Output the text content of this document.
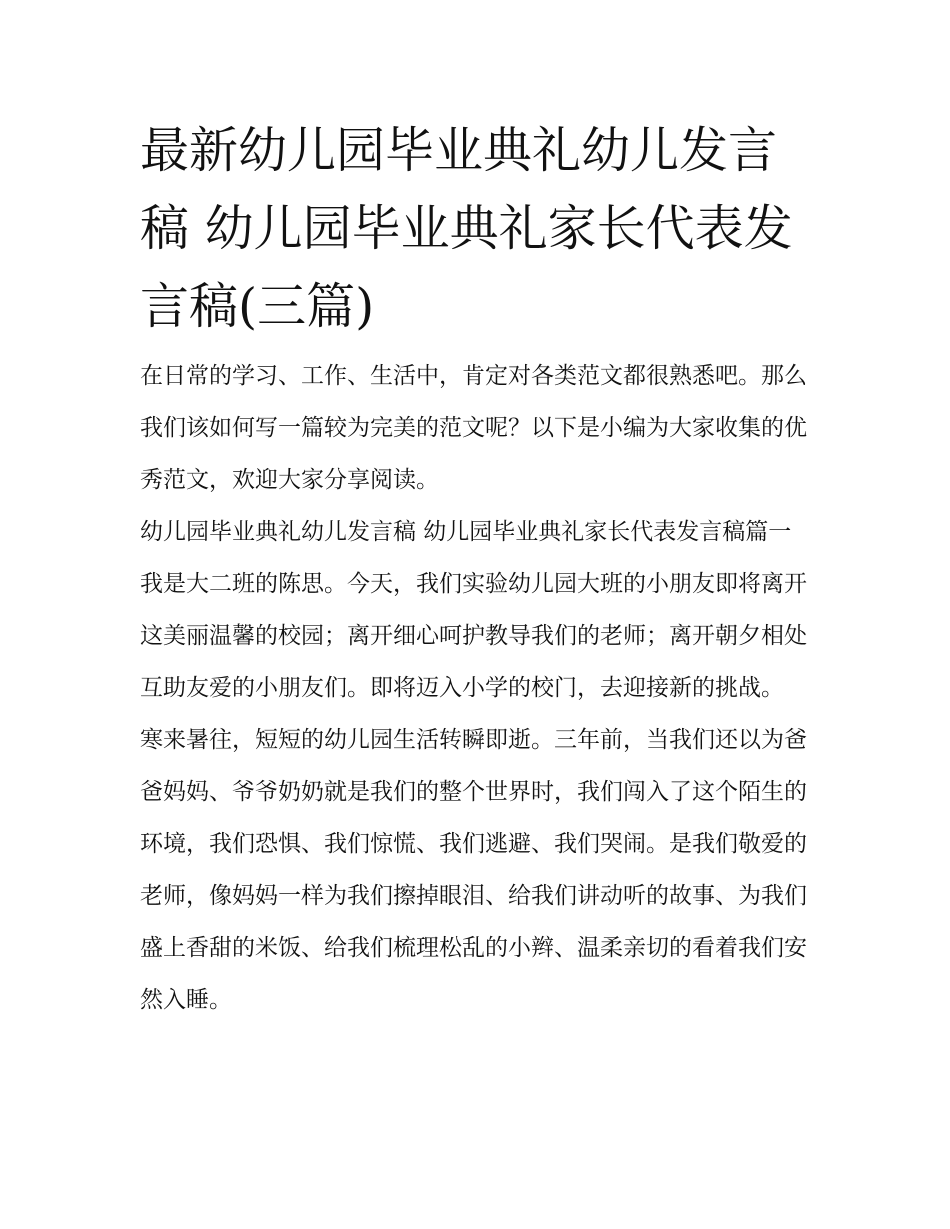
最新幼儿园毕业典礼幼儿发言稿 幼儿园毕业典礼家长代表发言稿(三篇)

在日常的学习、工作、生活中，肯定对各类范文都很熟悉吧。那么我们该如何写一篇较为完美的范文呢？以下是小编为大家收集的优秀范文，欢迎大家分享阅读。

幼儿园毕业典礼幼儿发言稿 幼儿园毕业典礼家长代表发言稿篇一

我是大二班的陈思。今天，我们实验幼儿园大班的小朋友即将离开这美丽温馨的校园；离开细心呵护教导我们的老师；离开朝夕相处互助友爱的小朋友们。即将迈入小学的校门，去迎接新的挑战。

寒来暑往，短短的幼儿园生活转瞬即逝。三年前，当我们还以为爸爸妈妈、爷爷奶奶就是我们的整个世界时，我们闯入了这个陌生的环境，我们恐惧、我们惊慌、我们逃避、我们哭闹。是我们敬爱的老师，像妈妈一样为我们擦掉眼泪、给我们讲动听的故事、为我们盛上香甜的米饭、给我们梳理松乱的小辫、温柔亲切的看着我们安然入睡。
